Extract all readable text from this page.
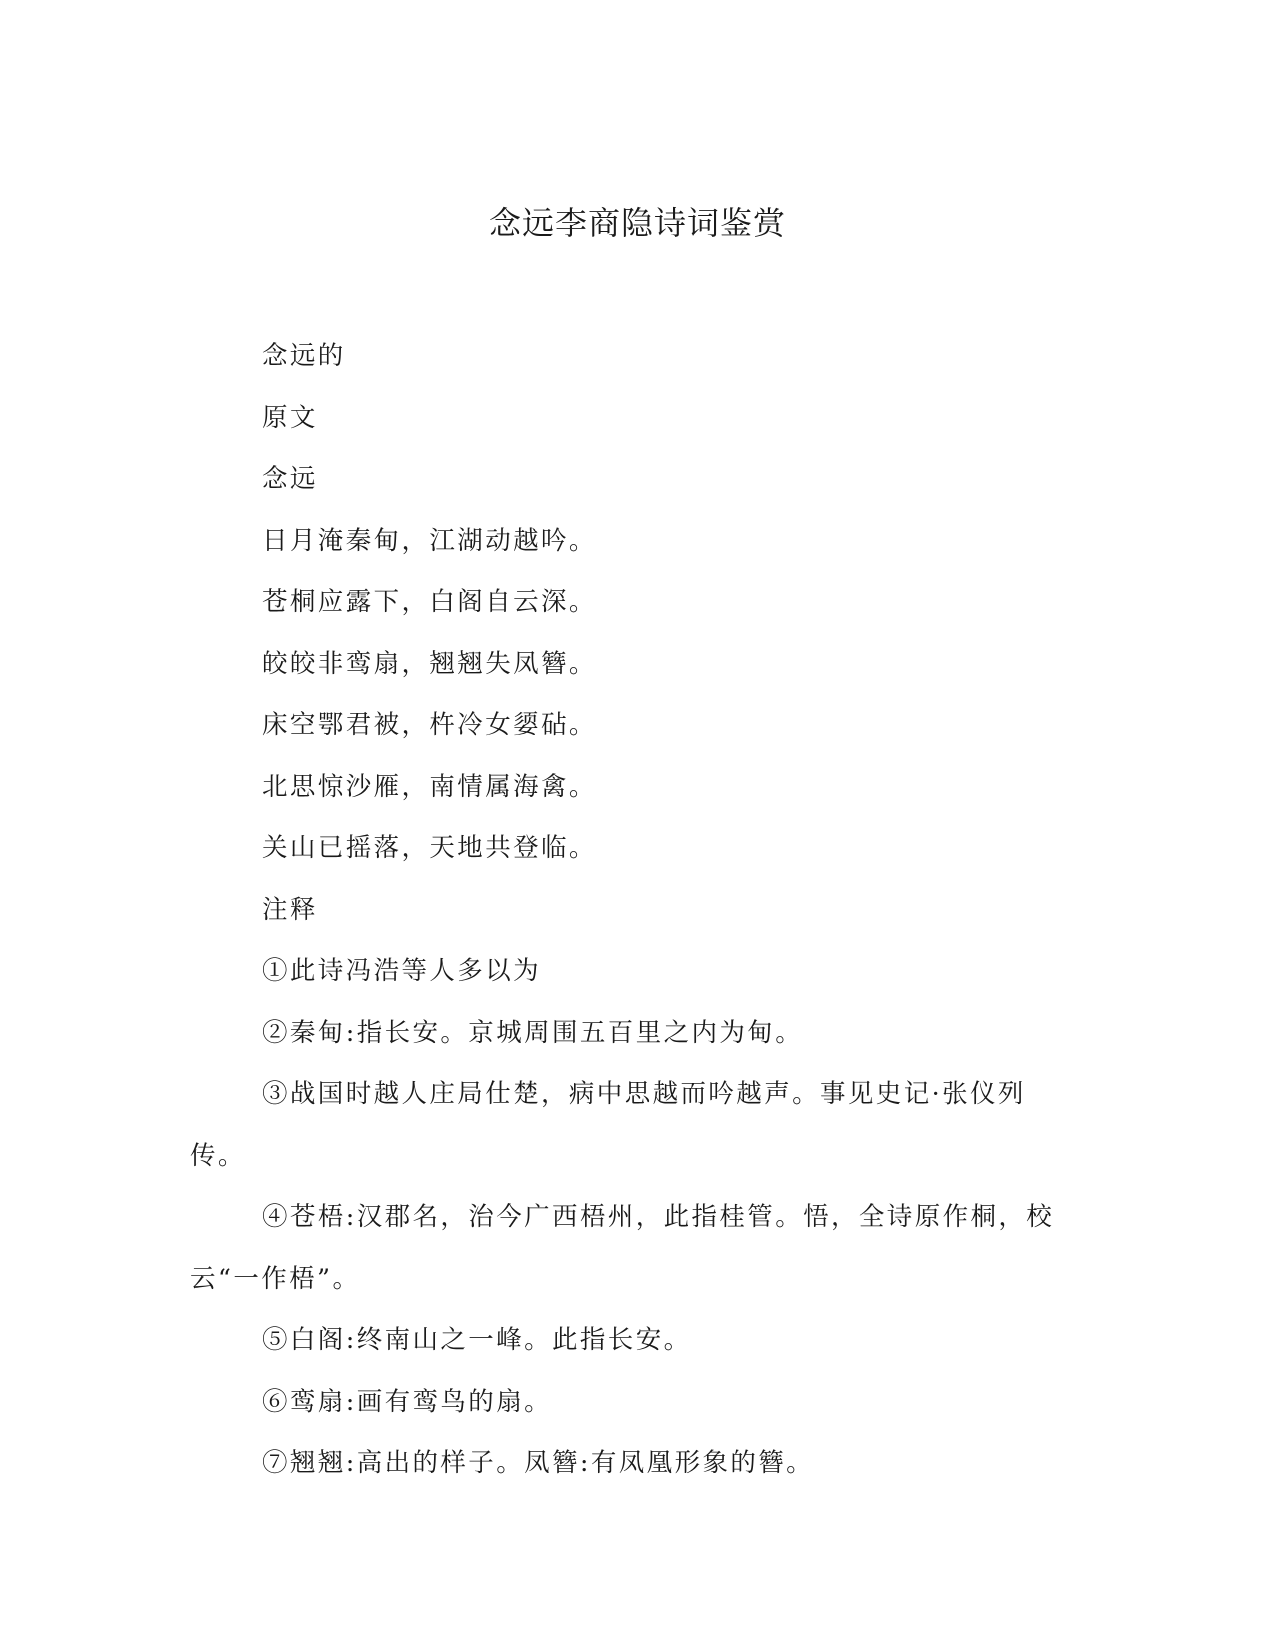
念远李商隐诗词鉴赏

念远的

原文

念远

日月淹秦甸，江湖动越吟。

苍桐应露下，白阁自云深。

皎皎非鸾扇，翘翘失凤簪。

床空鄂君被，杵冷女媭砧。

北思惊沙雁，南情属海禽。

关山已摇落，天地共登临。

注释

①此诗冯浩等人多以为

②秦甸:指长安。京城周围五百里之内为甸。

③战国时越人庄局仕楚，病中思越而吟越声。事见史记·张仪列传。

④苍梧:汉郡名，治今广西梧州，此指桂管。悟，全诗原作桐，校云“一作梧”。

⑤白阁:终南山之一峰。此指长安。

⑥鸾扇:画有鸾鸟的扇。

⑦翘翘:高出的样子。凤簪:有凤凰形象的簪。
